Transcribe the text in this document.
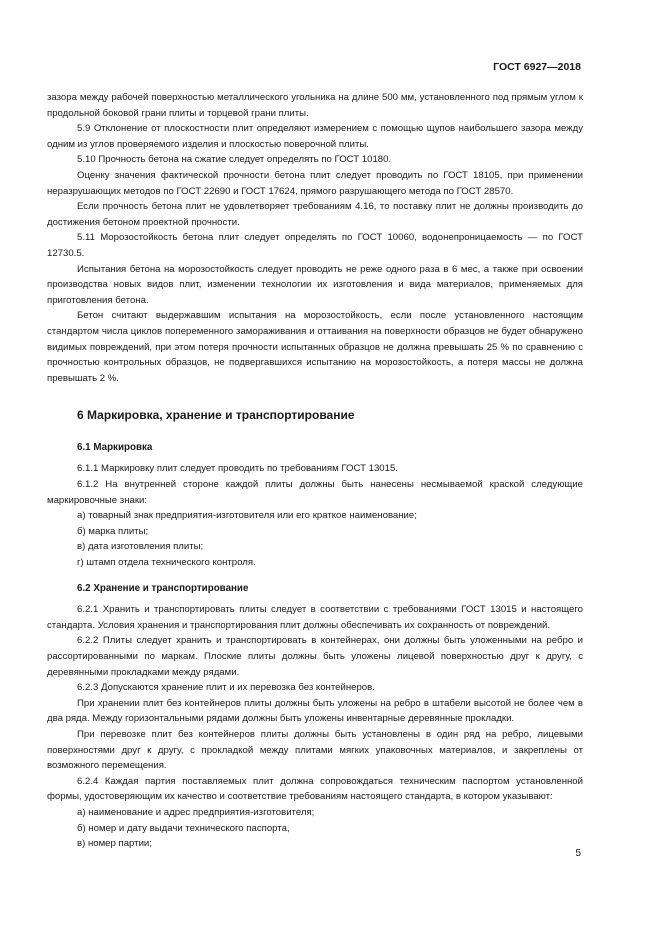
ГОСТ 6927—2018

зазора между рабочей поверхностью металлического угольника на длине 500 мм, установленного под прямым углом к продольной боковой грани плиты и торцевой грани плиты.

5.9 Отклонение от плоскостности плит определяют измерением с помощью щупов наибольшего зазора между одним из углов проверяемого изделия и плоскостью поверочной плиты.

5.10 Прочность бетона на сжатие следует определять по ГОСТ 10180.

Оценку значения фактической прочности бетона плит следует проводить по ГОСТ 18105, при применении неразрушающих методов по ГОСТ 22690 и ГОСТ 17624, прямого разрушающего метода по ГОСТ 28570.

Если прочность бетона плит не удовлетворяет требованиям 4.16, то поставку плит не должны производить до достижения бетоном проектной прочности.

5.11 Морозостойкость бетона плит следует определять по ГОСТ 10060, водонепроницаемость — по ГОСТ 12730.5.

Испытания бетона на морозостойкость следует проводить не реже одного раза в 6 мес, а также при освоении производства новых видов плит, изменении технологии их изготовления и вида материалов, применяемых для приготовления бетона.

Бетон считают выдержавшим испытания на морозостойкость, если после установленного настоящим стандартом числа циклов попеременного замораживания и оттаивания на поверхности образцов не будет обнаружено видимых повреждений, при этом потеря прочности испытанных образцов не должна превышать 25 % по сравнению с прочностью контрольных образцов, не подвергавшихся испытанию на морозостойкость, а потеря массы не должна превышать 2 %.

6 Маркировка, хранение и транспортирование
6.1 Маркировка

6.1.1 Маркировку плит следует проводить по требованиям ГОСТ 13015.

6.1.2 На внутренней стороне каждой плиты должны быть нанесены несмываемой краской следующие маркировочные знаки:

а) товарный знак предприятия-изготовителя или его краткое наименование;

б) марка плиты;

в) дата изготовления плиты;

г) штамп отдела технического контроля.

6.2 Хранение и транспортирование

6.2.1 Хранить и транспортировать плиты следует в соответствии с требованиями ГОСТ 13015 и настоящего стандарта. Условия хранения и транспортирования плит должны обеспечивать их сохранность от повреждений.

6.2.2 Плиты следует хранить и транспортировать в контейнерах, они должны быть уложенными на ребро и рассортированными по маркам. Плоские плиты должны быть уложены лицевой поверхностью друг к другу, с деревянными прокладками между рядами.

6.2.3 Допускаются хранение плит и их перевозка без контейнеров.

При хранении плит без контейнеров плиты должны быть уложены на ребро в штабели высотой не более чем в два ряда. Между горизонтальными рядами должны быть уложены инвентарные деревянные прокладки.

При перевозке плит без контейнеров плиты должны быть установлены в один ряд на ребро, лицевыми поверхностями друг к другу, с прокладкой между плитами мягких упаковочных материалов, и закреплены от возможного перемещения.

6.2.4 Каждая партия поставляемых плит должна сопровождаться техническим паспортом установленной формы, удостоверяющим их качество и соответствие требованиям настоящего стандарта, в котором указывают:

а) наименование и адрес предприятия-изготовителя;

б) номер и дату выдачи технического паспорта,

в) номер партии;

5
